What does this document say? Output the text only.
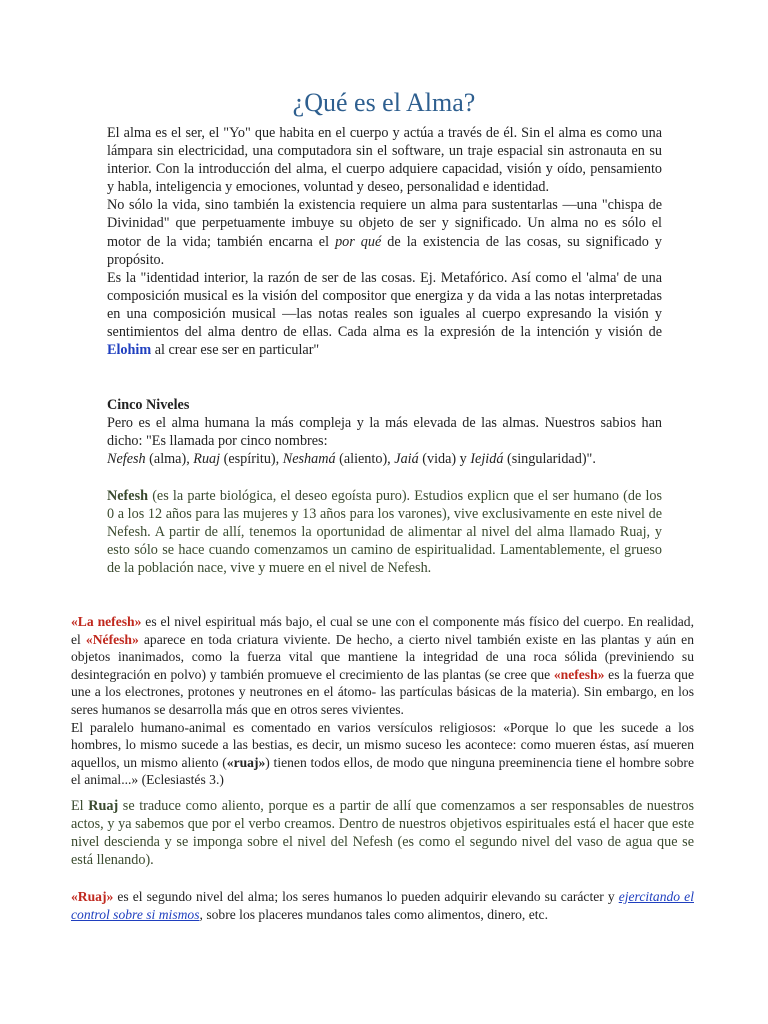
¿Qué es el Alma?

El alma es el ser, el "Yo" que habita en el cuerpo y actúa a través de él. Sin el alma es como una lámpara sin electricidad, una computadora sin el software, un traje espacial sin astronauta en su interior. Con la introducción del alma, el cuerpo adquiere capacidad, visión y oído, pensamiento y habla, inteligencia y emociones, voluntad y deseo, personalidad e identidad.

No sólo la vida, sino también la existencia requiere un alma para sustentarlas —una "chispa de Divinidad" que perpetuamente imbuye su objeto de ser y significado. Un alma no es sólo el motor de la vida; también encarna el por qué de la existencia de las cosas, su significado y propósito.

Es la "identidad interior, la razón de ser de las cosas. Ej. Metafórico. Así como el 'alma' de una composición musical es la visión del compositor que energiza y da vida a las notas interpretadas en una composición musical —las notas reales son iguales al cuerpo expresando la visión y sentimientos del alma dentro de ellas. Cada alma es la expresión de la intención y visión de Elohim al crear ese ser en particular"

Cinco Niveles

Pero es el alma humana la más compleja y la más elevada de las almas. Nuestros sabios han dicho: "Es llamada por cinco nombres:

Nefesh (alma), Ruaj (espíritu), Neshamá (aliento), Jaiá (vida) y Iejidá (singularidad)".

Nefesh (es la parte biológica, el deseo egoísta puro). Estudios explicn que el ser humano (de los 0 a los 12 años para las mujeres y 13 años para los varones), vive exclusivamente en este nivel de Nefesh. A partir de allí, tenemos la oportunidad de alimentar al nivel del alma llamado Ruaj, y esto sólo se hace cuando comenzamos un camino de espiritualidad. Lamentablemente, el grueso de la población nace, vive y muere en el nivel de Nefesh.

«La nefesh» es el nivel espiritual más bajo, el cual se une con el componente más físico del cuerpo. En realidad, el «Néfesh» aparece en toda criatura viviente. De hecho, a cierto nivel también existe en las plantas y aún en objetos inanimados, como la fuerza vital que mantiene la integridad de una roca sólida (previniendo su desintegración en polvo) y también promueve el crecimiento de las plantas (se cree que «nefesh» es la fuerza que une a los electrones, protones y neutrones en el átomo- las partículas básicas de la materia). Sin embargo, en los seres humanos se desarrolla más que en otros seres vivientes.

El paralelo humano-animal es comentado en varios versículos religiosos: «Porque lo que les sucede a los hombres, lo mismo sucede a las bestias, es decir, un mismo suceso les acontece: como mueren éstas, así mueren aquellos, un mismo aliento («ruaj») tienen todos ellos, de modo que ninguna preeminencia tiene el hombre sobre el animal...» (Eclesiastés 3.)

El Ruaj se traduce como aliento, porque es a partir de allí que comenzamos a ser responsables de nuestros actos, y ya sabemos que por el verbo creamos. Dentro de nuestros objetivos espirituales está el hacer que este nivel descienda y se imponga sobre el nivel del Nefesh (es como el segundo nivel del vaso de agua que se está llenando).

«Ruaj» es el segundo nivel del alma; los seres humanos lo pueden adquirir elevando su carácter y ejercitando el control sobre si mismos, sobre los placeres mundanos tales como alimentos, dinero, etc.
